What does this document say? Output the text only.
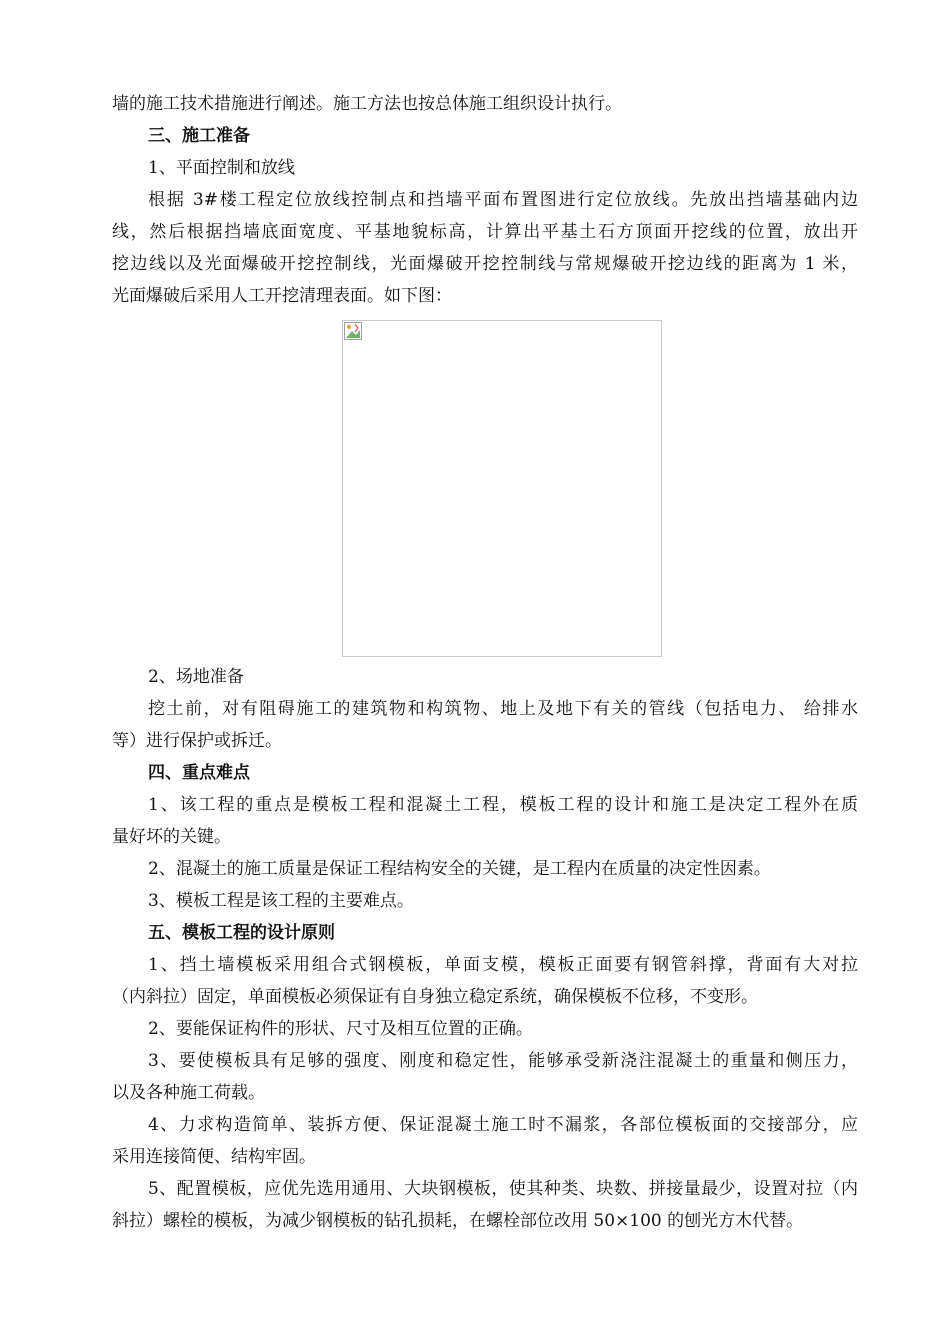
墙的施工技术措施进行阐述。施工方法也按总体施工组织设计执行。
三、施工准备
1、平面控制和放线
根据 3#楼工程定位放线控制点和挡墙平面布置图进行定位放线。先放出挡墙基础内边
线，然后根据挡墙底面宽度、平基地貌标高，计算出平基土石方顶面开挖线的位置，放出开
挖边线以及光面爆破开挖控制线，光面爆破开挖控制线与常规爆破开挖边线的距离为 1 米，
光面爆破后采用人工开挖清理表面。如下图：
2、场地准备
挖土前，对有阻碍施工的建筑物和构筑物、地上及地下有关的管线（包括电力、 给排水
等）进行保护或拆迁。
四、重点难点
1、该工程的重点是模板工程和混凝土工程，模板工程的设计和施工是决定工程外在质
量好坏的关键。
2、混凝土的施工质量是保证工程结构安全的关键，是工程内在质量的决定性因素。
3、模板工程是该工程的主要难点。
五、模板工程的设计原则
1、挡土墙模板采用组合式钢模板，单面支模，模板正面要有钢管斜撑，背面有大对拉
（内斜拉）固定，单面模板必须保证有自身独立稳定系统，确保模板不位移，不变形。
2、要能保证构件的形状、尺寸及相互位置的正确。
3、要使模板具有足够的强度、刚度和稳定性，能够承受新浇注混凝土的重量和侧压力，
以及各种施工荷载。
4、力求构造简单、装拆方便、保证混凝土施工时不漏浆，各部位模板面的交接部分，应
采用连接简便、结构牢固。
5、配置模板，应优先选用通用、大块钢模板，使其种类、块数、拼接量最少，设置对拉（内
斜拉）螺栓的模板，为减少钢模板的钻孔损耗，在螺栓部位改用 50×100 的刨光方木代替。
